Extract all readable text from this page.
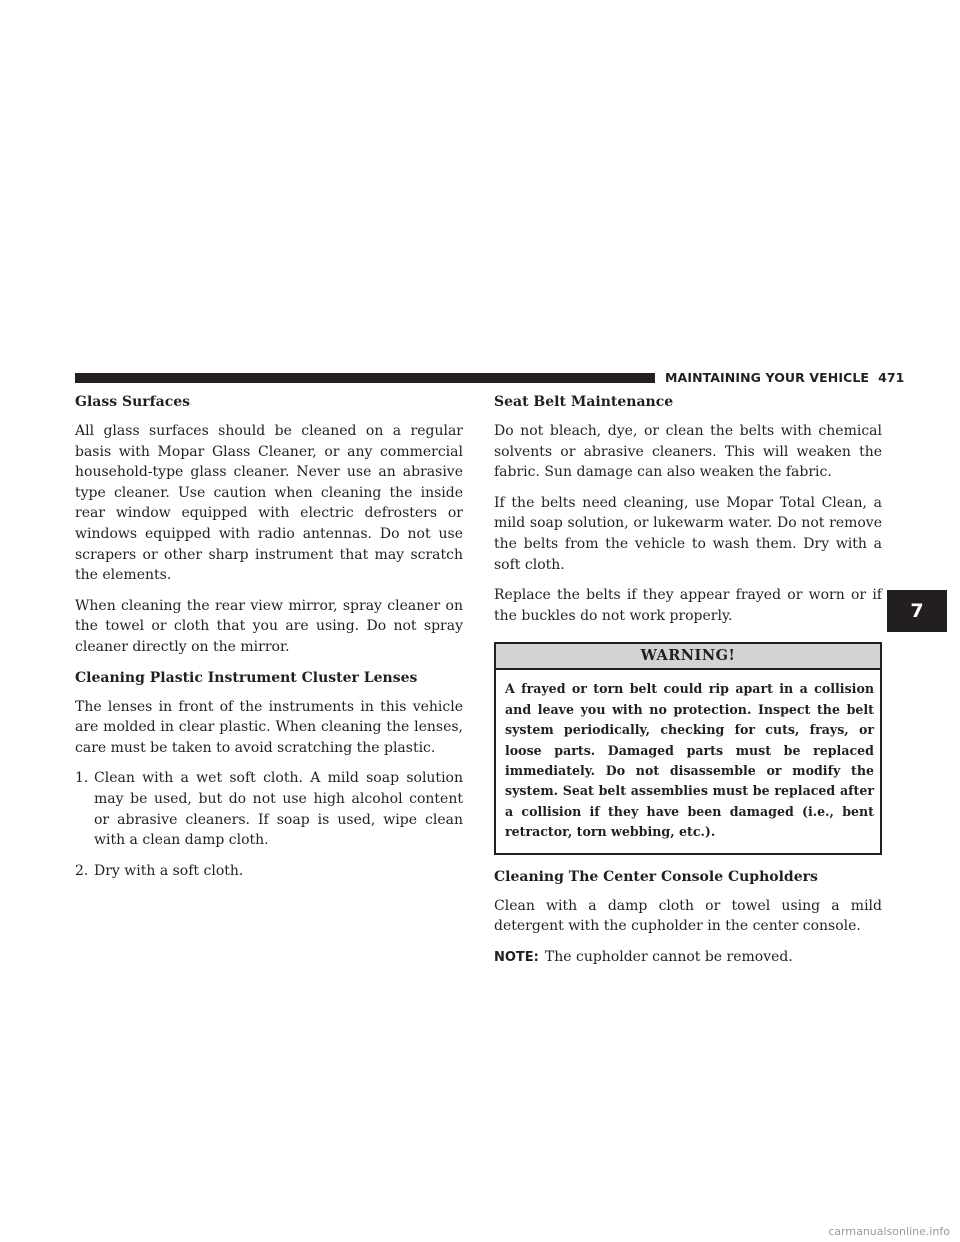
MAINTAINING YOUR VEHICLE 471
Glass Surfaces

All glass surfaces should be cleaned on a regular basis with Mopar Glass Cleaner, or any commercial household-type glass cleaner. Never use an abrasive type cleaner. Use caution when cleaning the inside rear window equipped with electric defrosters or windows equipped with radio antennas. Do not use scrapers or other sharp instrument that may scratch the elements.

When cleaning the rear view mirror, spray cleaner on the towel or cloth that you are using. Do not spray cleaner directly on the mirror.

Cleaning Plastic Instrument Cluster Lenses

The lenses in front of the instruments in this vehicle are molded in clear plastic. When cleaning the lenses, care must be taken to avoid scratching the plastic.

1. Clean with a wet soft cloth. A mild soap solution may be used, but do not use high alcohol content or abrasive cleaners. If soap is used, wipe clean with a clean damp cloth.
2. Dry with a soft cloth.
Seat Belt Maintenance

Do not bleach, dye, or clean the belts with chemical solvents or abrasive cleaners. This will weaken the fabric. Sun damage can also weaken the fabric.

If the belts need cleaning, use Mopar Total Clean, a mild soap solution, or lukewarm water. Do not remove the belts from the vehicle to wash them. Dry with a soft cloth.

Replace the belts if they appear frayed or worn or if the buckles do not work properly.

WARNING!
A frayed or torn belt could rip apart in a collision and leave you with no protection. Inspect the belt system periodically, checking for cuts, frays, or loose parts. Damaged parts must be replaced immediately. Do not disassemble or modify the system. Seat belt assemblies must be replaced after a collision if they have been damaged (i.e., bent retractor, torn webbing, etc.).
Cleaning The Center Console Cupholders

Clean with a damp cloth or towel using a mild detergent with the cupholder in the center console.

NOTE: The cupholder cannot be removed.

7
carmanualsonline.info
